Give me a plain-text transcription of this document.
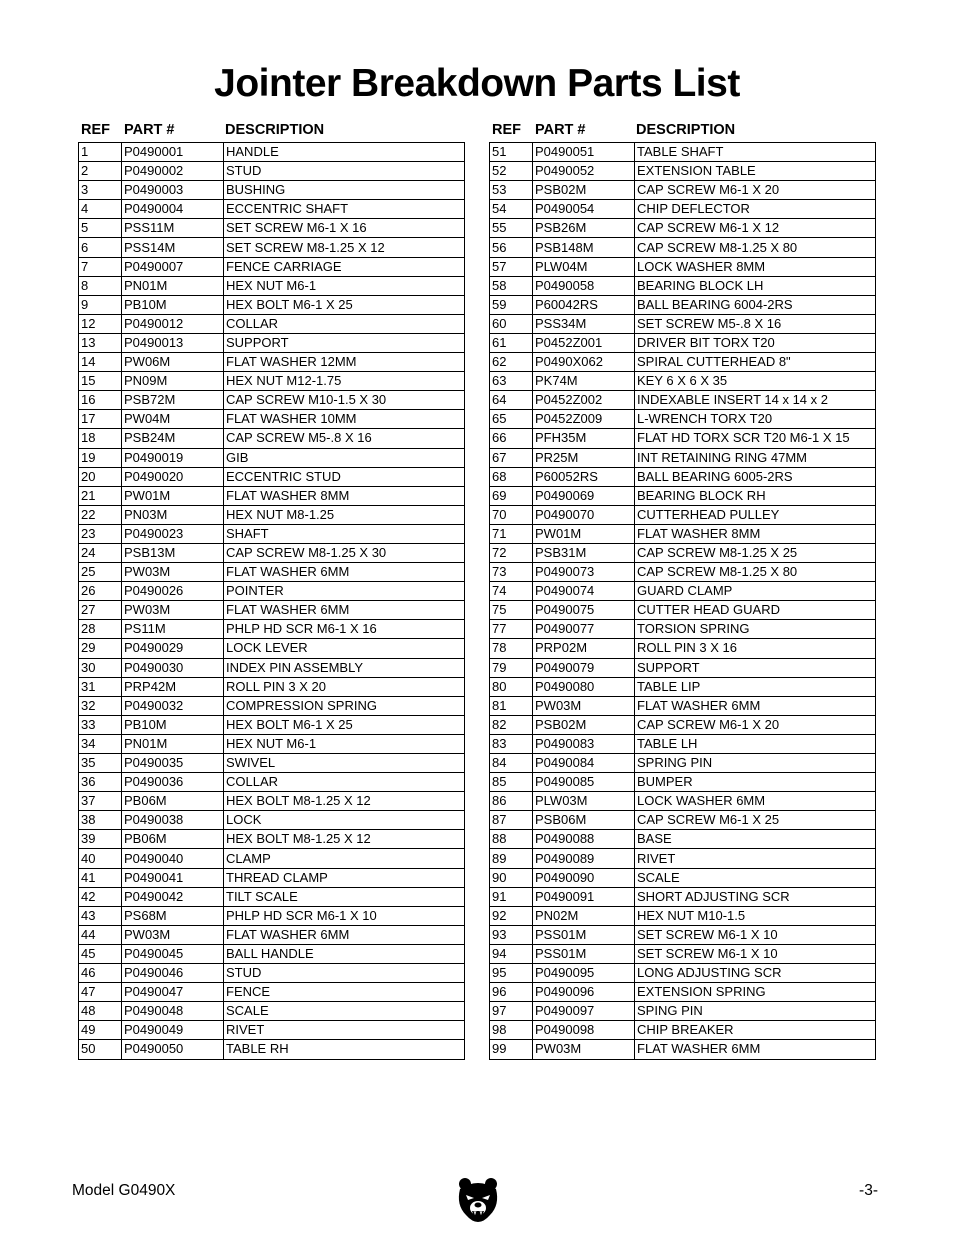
Jointer Breakdown Parts List
REF PART #	DESCRIPTION
1	P0490001	HANDLE
2	P0490002	STUD
3	P0490003	BUSHING
4	P0490004	ECCENTRIC SHAFT
5	PSS11M	SET SCREW M6-1 X 16
6	PSS14M	SET SCREW M8-1.25 X 12
7	P0490007	FENCE CARRIAGE
8	PN01M	HEX NUT M6-1
9	PB10M	HEX BOLT M6-1 X 25
12	P0490012	COLLAR
13	P0490013	SUPPORT
14	PW06M	FLAT WASHER 12MM
15	PN09M	HEX NUT M12-1.75
16	PSB72M	CAP SCREW M10-1.5 X 30
17	PW04M	FLAT WASHER 10MM
18	PSB24M	CAP SCREW M5-.8 X 16
19	P0490019	GIB
20	P0490020	ECCENTRIC STUD
21	PW01M	FLAT WASHER 8MM
22	PN03M	HEX NUT M8-1.25
23	P0490023	SHAFT
24	PSB13M	CAP SCREW M8-1.25 X 30
25	PW03M	FLAT WASHER 6MM
26	P0490026	POINTER
27	PW03M	FLAT WASHER 6MM
28	PS11M	PHLP HD SCR M6-1 X 16
29	P0490029	LOCK LEVER
30	P0490030	INDEX PIN ASSEMBLY
31	PRP42M	ROLL PIN 3 X 20
32	P0490032	COMPRESSION SPRING
33	PB10M	HEX BOLT M6-1 X 25
34	PN01M	HEX NUT M6-1
35	P0490035	SWIVEL
36	P0490036	COLLAR
37	PB06M	HEX BOLT M8-1.25 X 12
38	P0490038	LOCK
39	PB06M	HEX BOLT M8-1.25 X 12
40	P0490040	CLAMP
41	P0490041	THREAD CLAMP
42	P0490042	TILT SCALE
43	PS68M	PHLP HD SCR M6-1 X 10
44	PW03M	FLAT WASHER 6MM
45	P0490045	BALL HANDLE
46	P0490046	STUD
47	P0490047	FENCE
48	P0490048	SCALE
49	P0490049	RIVET
50	P0490050	TABLE RH
REF PART #	DESCRIPTION
51	P0490051	TABLE SHAFT
52	P0490052	EXTENSION TABLE
53	PSB02M	CAP SCREW M6-1 X 20
54	P0490054	CHIP DEFLECTOR
55	PSB26M	CAP SCREW M6-1 X 12
56	PSB148M	CAP SCREW M8-1.25 X 80
57	PLW04M	LOCK WASHER 8MM
58	P0490058	BEARING BLOCK LH
59	P60042RS	BALL BEARING 6004-2RS
60	PSS34M	SET SCREW M5-.8 X 16
61	P0452Z001	DRIVER BIT TORX T20
62	P0490X062	SPIRAL CUTTERHEAD 8"
63	PK74M	KEY 6 X 6 X 35
64	P0452Z002	INDEXABLE INSERT 14 x 14 x 2
65	P0452Z009	L-WRENCH TORX T20
66	PFH35M	FLAT HD TORX SCR T20 M6-1 X 15
67	PR25M	INT RETAINING RING 47MM
68	P60052RS	BALL BEARING 6005-2RS
69	P0490069	BEARING BLOCK RH
70	P0490070	CUTTERHEAD PULLEY
71	PW01M	FLAT WASHER 8MM
72	PSB31M	CAP SCREW M8-1.25 X 25
73	P0490073	CAP SCREW M8-1.25 X 80
74	P0490074	GUARD CLAMP
75	P0490075	CUTTER HEAD GUARD
77	P0490077	TORSION SPRING
78	PRP02M	ROLL PIN 3 X 16
79	P0490079	SUPPORT
80	P0490080	TABLE LIP
81	PW03M	FLAT WASHER 6MM
82	PSB02M	CAP SCREW M6-1 X 20
83	P0490083	TABLE LH
84	P0490084	SPRING PIN
85	P0490085	BUMPER
86	PLW03M	LOCK WASHER 6MM
87	PSB06M	CAP SCREW M6-1 X 25
88	P0490088	BASE
89	P0490089	RIVET
90	P0490090	SCALE
91	P0490091	SHORT ADJUSTING SCR
92	PN02M	HEX NUT M10-1.5
93	PSS01M	SET SCREW M6-1 X 10
94	PSS01M	SET SCREW M6-1 X 10
95	P0490095	LONG ADJUSTING SCR
96	P0490096	EXTENSION SPRING
97	P0490097	SPING PIN
98	P0490098	CHIP BREAKER
99	PW03M	FLAT WASHER 6MM
Model G0490X	-3-
